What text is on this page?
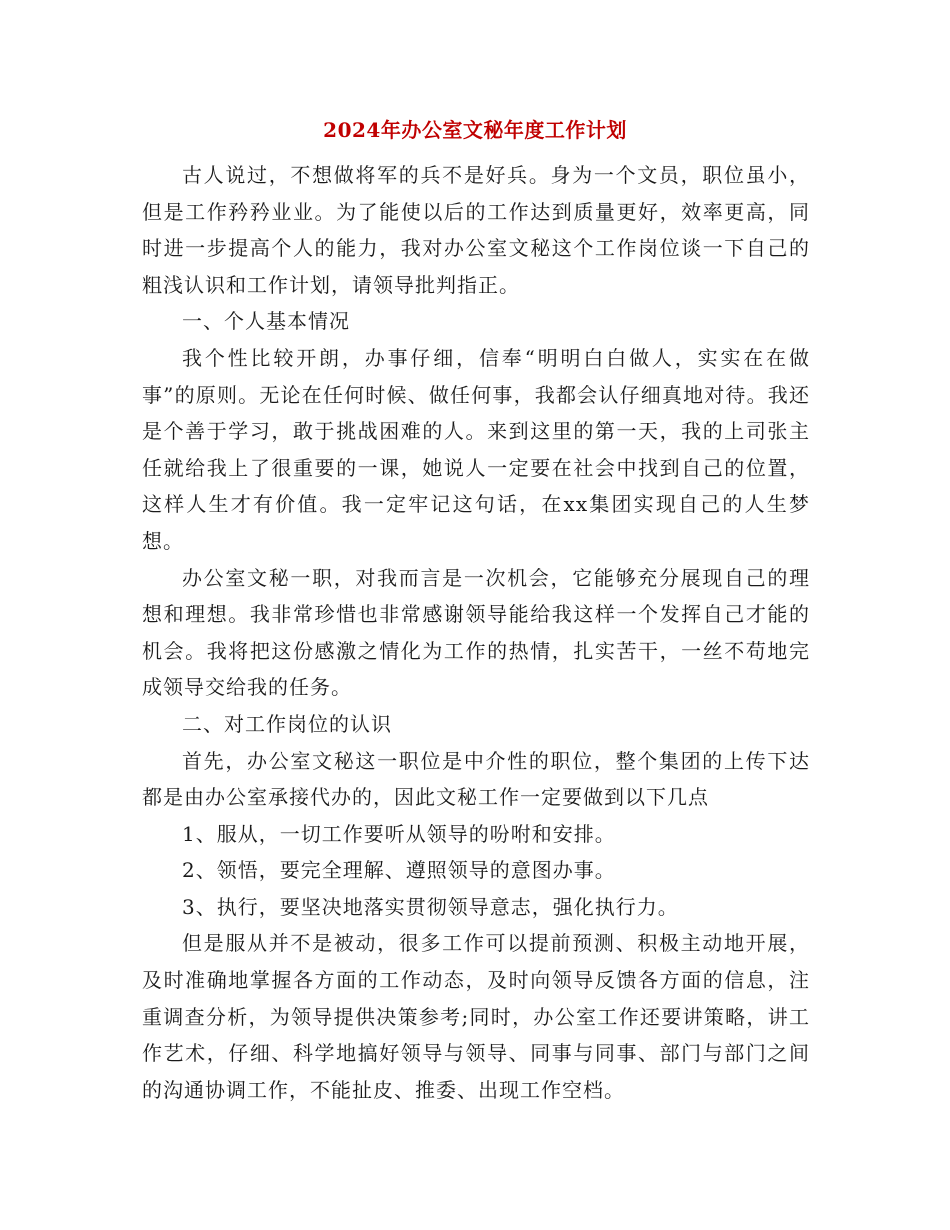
2024年办公室文秘年度工作计划

古人说过，不想做将军的兵不是好兵。身为一个文员，职位虽小，但是工作矜矜业业。为了能使以后的工作达到质量更好，效率更高，同时进一步提高个人的能力，我对办公室文秘这个工作岗位谈一下自己的粗浅认识和工作计划，请领导批判指正。

一、个人基本情况

我个性比较开朗，办事仔细，信奉“明明白白做人，实实在在做事”的原则。无论在任何时候、做任何事，我都会认仔细真地对待。我还是个善于学习，敢于挑战困难的人。来到这里的第一天，我的上司张主任就给我上了很重要的一课，她说人一定要在社会中找到自己的位置，这样人生才有价值。我一定牢记这句话，在xx集团实现自己的人生梦想。

办公室文秘一职，对我而言是一次机会，它能够充分展现自己的理想和理想。我非常珍惜也非常感谢领导能给我这样一个发挥自己才能的机会。我将把这份感激之情化为工作的热情，扎实苦干，一丝不苟地完成领导交给我的任务。

二、对工作岗位的认识

首先，办公室文秘这一职位是中介性的职位，整个集团的上传下达都是由办公室承接代办的，因此文秘工作一定要做到以下几点

1、服从，一切工作要听从领导的吩咐和安排。

2、领悟，要完全理解、遵照领导的意图办事。

3、执行，要坚决地落实贯彻领导意志，强化执行力。

但是服从并不是被动，很多工作可以提前预测、积极主动地开展，及时准确地掌握各方面的工作动态，及时向领导反馈各方面的信息，注重调查分析，为领导提供决策参考;同时，办公室工作还要讲策略，讲工作艺术，仔细、科学地搞好领导与领导、同事与同事、部门与部门之间的沟通协调工作，不能扯皮、推委、出现工作空档。
